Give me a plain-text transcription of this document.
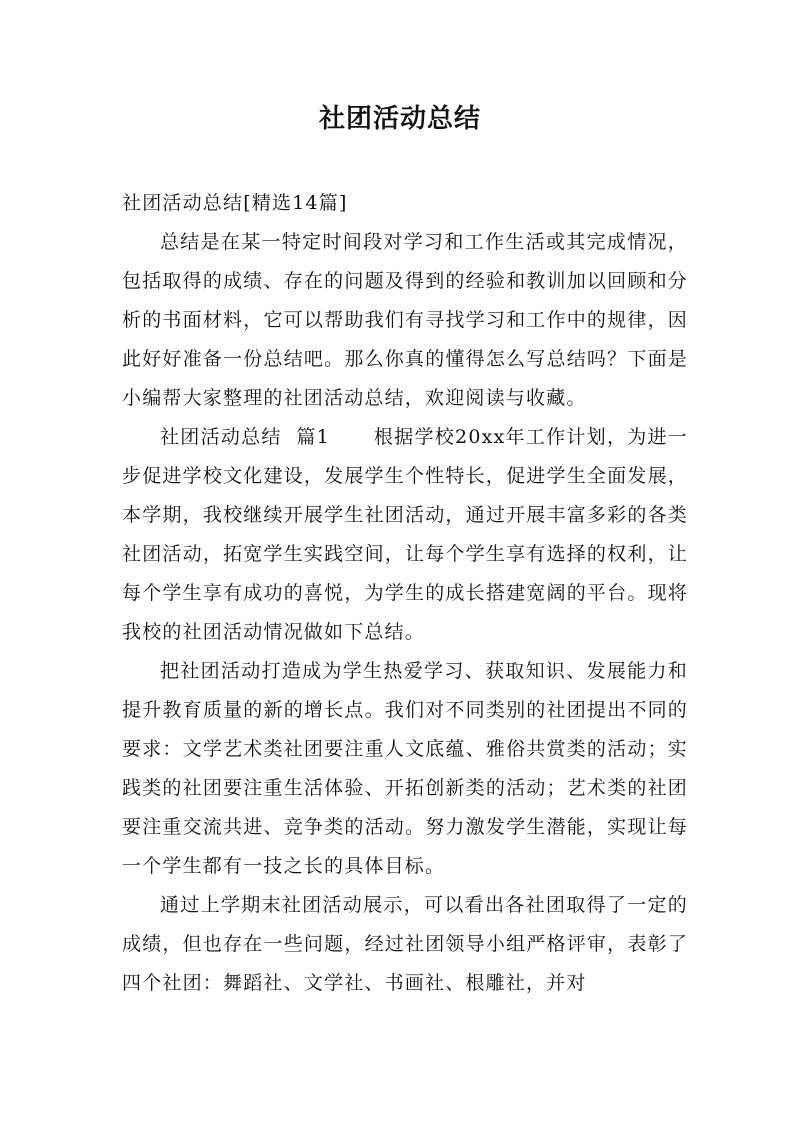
社团活动总结

社团活动总结[精选14篇]

总结是在某一特定时间段对学习和工作生活或其完成情况，包括取得的成绩、存在的问题及得到的经验和教训加以回顾和分析的书面材料，它可以帮助我们有寻找学习和工作中的规律，因此好好准备一份总结吧。那么你真的懂得怎么写总结吗？下面是小编帮大家整理的社团活动总结，欢迎阅读与收藏。

社团活动总结  篇1 根据学校20xx年工作计划，为进一步促进学校文化建设，发展学生个性特长，促进学生全面发展，本学期，我校继续开展学生社团活动，通过开展丰富多彩的各类社团活动，拓宽学生实践空间，让每个学生享有选择的权利，让每个学生享有成功的喜悦，为学生的成长搭建宽阔的平台。现将我校的社团活动情况做如下总结。

把社团活动打造成为学生热爱学习、获取知识、发展能力和提升教育质量的新的增长点。我们对不同类别的社团提出不同的要求：文学艺术类社团要注重人文底蕴、雅俗共赏类的活动；实践类的社团要注重生活体验、开拓创新类的活动；艺术类的社团要注重交流共进、竞争类的活动。努力激发学生潜能，实现让每一个学生都有一技之长的具体目标。

通过上学期末社团活动展示，可以看出各社团取得了一定的成绩，但也存在一些问题，经过社团领导小组严格评审，表彰了四个社团：舞蹈社、文学社、书画社、根雕社，并对
